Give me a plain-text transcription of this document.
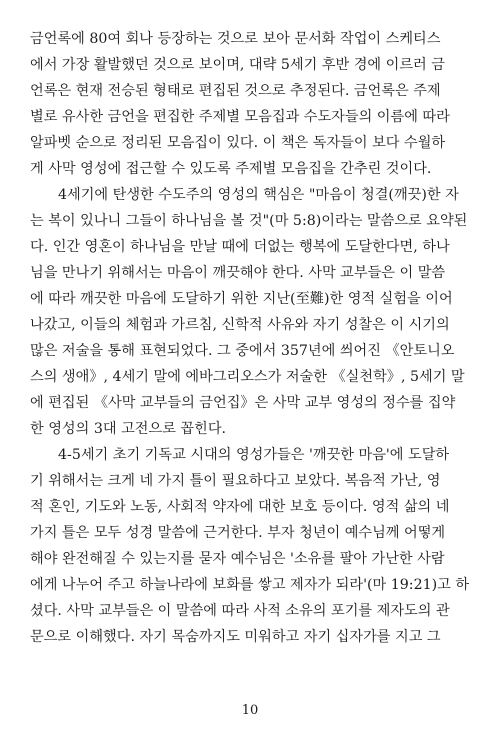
금언록에 80여 회나 등장하는 것으로 보아 문서화 작업이 스케티스
에서 가장 활발했던 것으로 보이며, 대략 5세기 후반 경에 이르러 금
언록은 현재 전승된 형태로 편집된 것으로 추정된다. 금언록은 주제
별로 유사한 금언을 편집한 주제별 모음집과 수도자들의 이름에 따라
알파벳 순으로 정리된 모음집이 있다. 이 책은 독자들이 보다 수월하
게 사막 영성에 접근할 수 있도록 주제별 모음집을 간추린 것이다.
4세기에 탄생한 수도주의 영성의 핵심은 "마음이 청결(깨끗)한 자
는 복이 있나니 그들이 하나님을 볼 것"(마 5:8)이라는 말씀으로 요약된
다. 인간 영혼이 하나님을 만날 때에 더없는 행복에 도달한다면, 하나
님을 만나기 위해서는 마음이 깨끗해야 한다. 사막 교부들은 이 말씀
에 따라 깨끗한 마음에 도달하기 위한 지난(至難)한 영적 실험을 이어
나갔고, 이들의 체험과 가르침, 신학적 사유와 자기 성찰은 이 시기의
많은 저술을 통해 표현되었다. 그 중에서 357년에 씌어진 《안토니오
스의 생애》, 4세기 말에 에바그리오스가 저술한 《실천학》, 5세기 말
에 편집된 《사막 교부들의 금언집》은 사막 교부 영성의 정수를 집약
한 영성의 3대 고전으로 꼽힌다.
4-5세기 초기 기독교 시대의 영성가들은 '깨끗한 마음'에 도달하
기 위해서는 크게 네 가지 틀이 필요하다고 보았다. 복음적 가난, 영
적 혼인, 기도와 노동, 사회적 약자에 대한 보호 등이다. 영적 삶의 네
가지 틀은 모두 성경 말씀에 근거한다. 부자 청년이 예수님께 어떻게
해야 완전해질 수 있는지를 묻자 예수님은 '소유를 팔아 가난한 사람
에게 나누어 주고 하늘나라에 보화를 쌓고 제자가 되라'(마 19:21)고 하
셨다. 사막 교부들은 이 말씀에 따라 사적 소유의 포기를 제자도의 관
문으로 이해했다. 자기 목숨까지도 미워하고 자기 십자가를 지고 그
10
